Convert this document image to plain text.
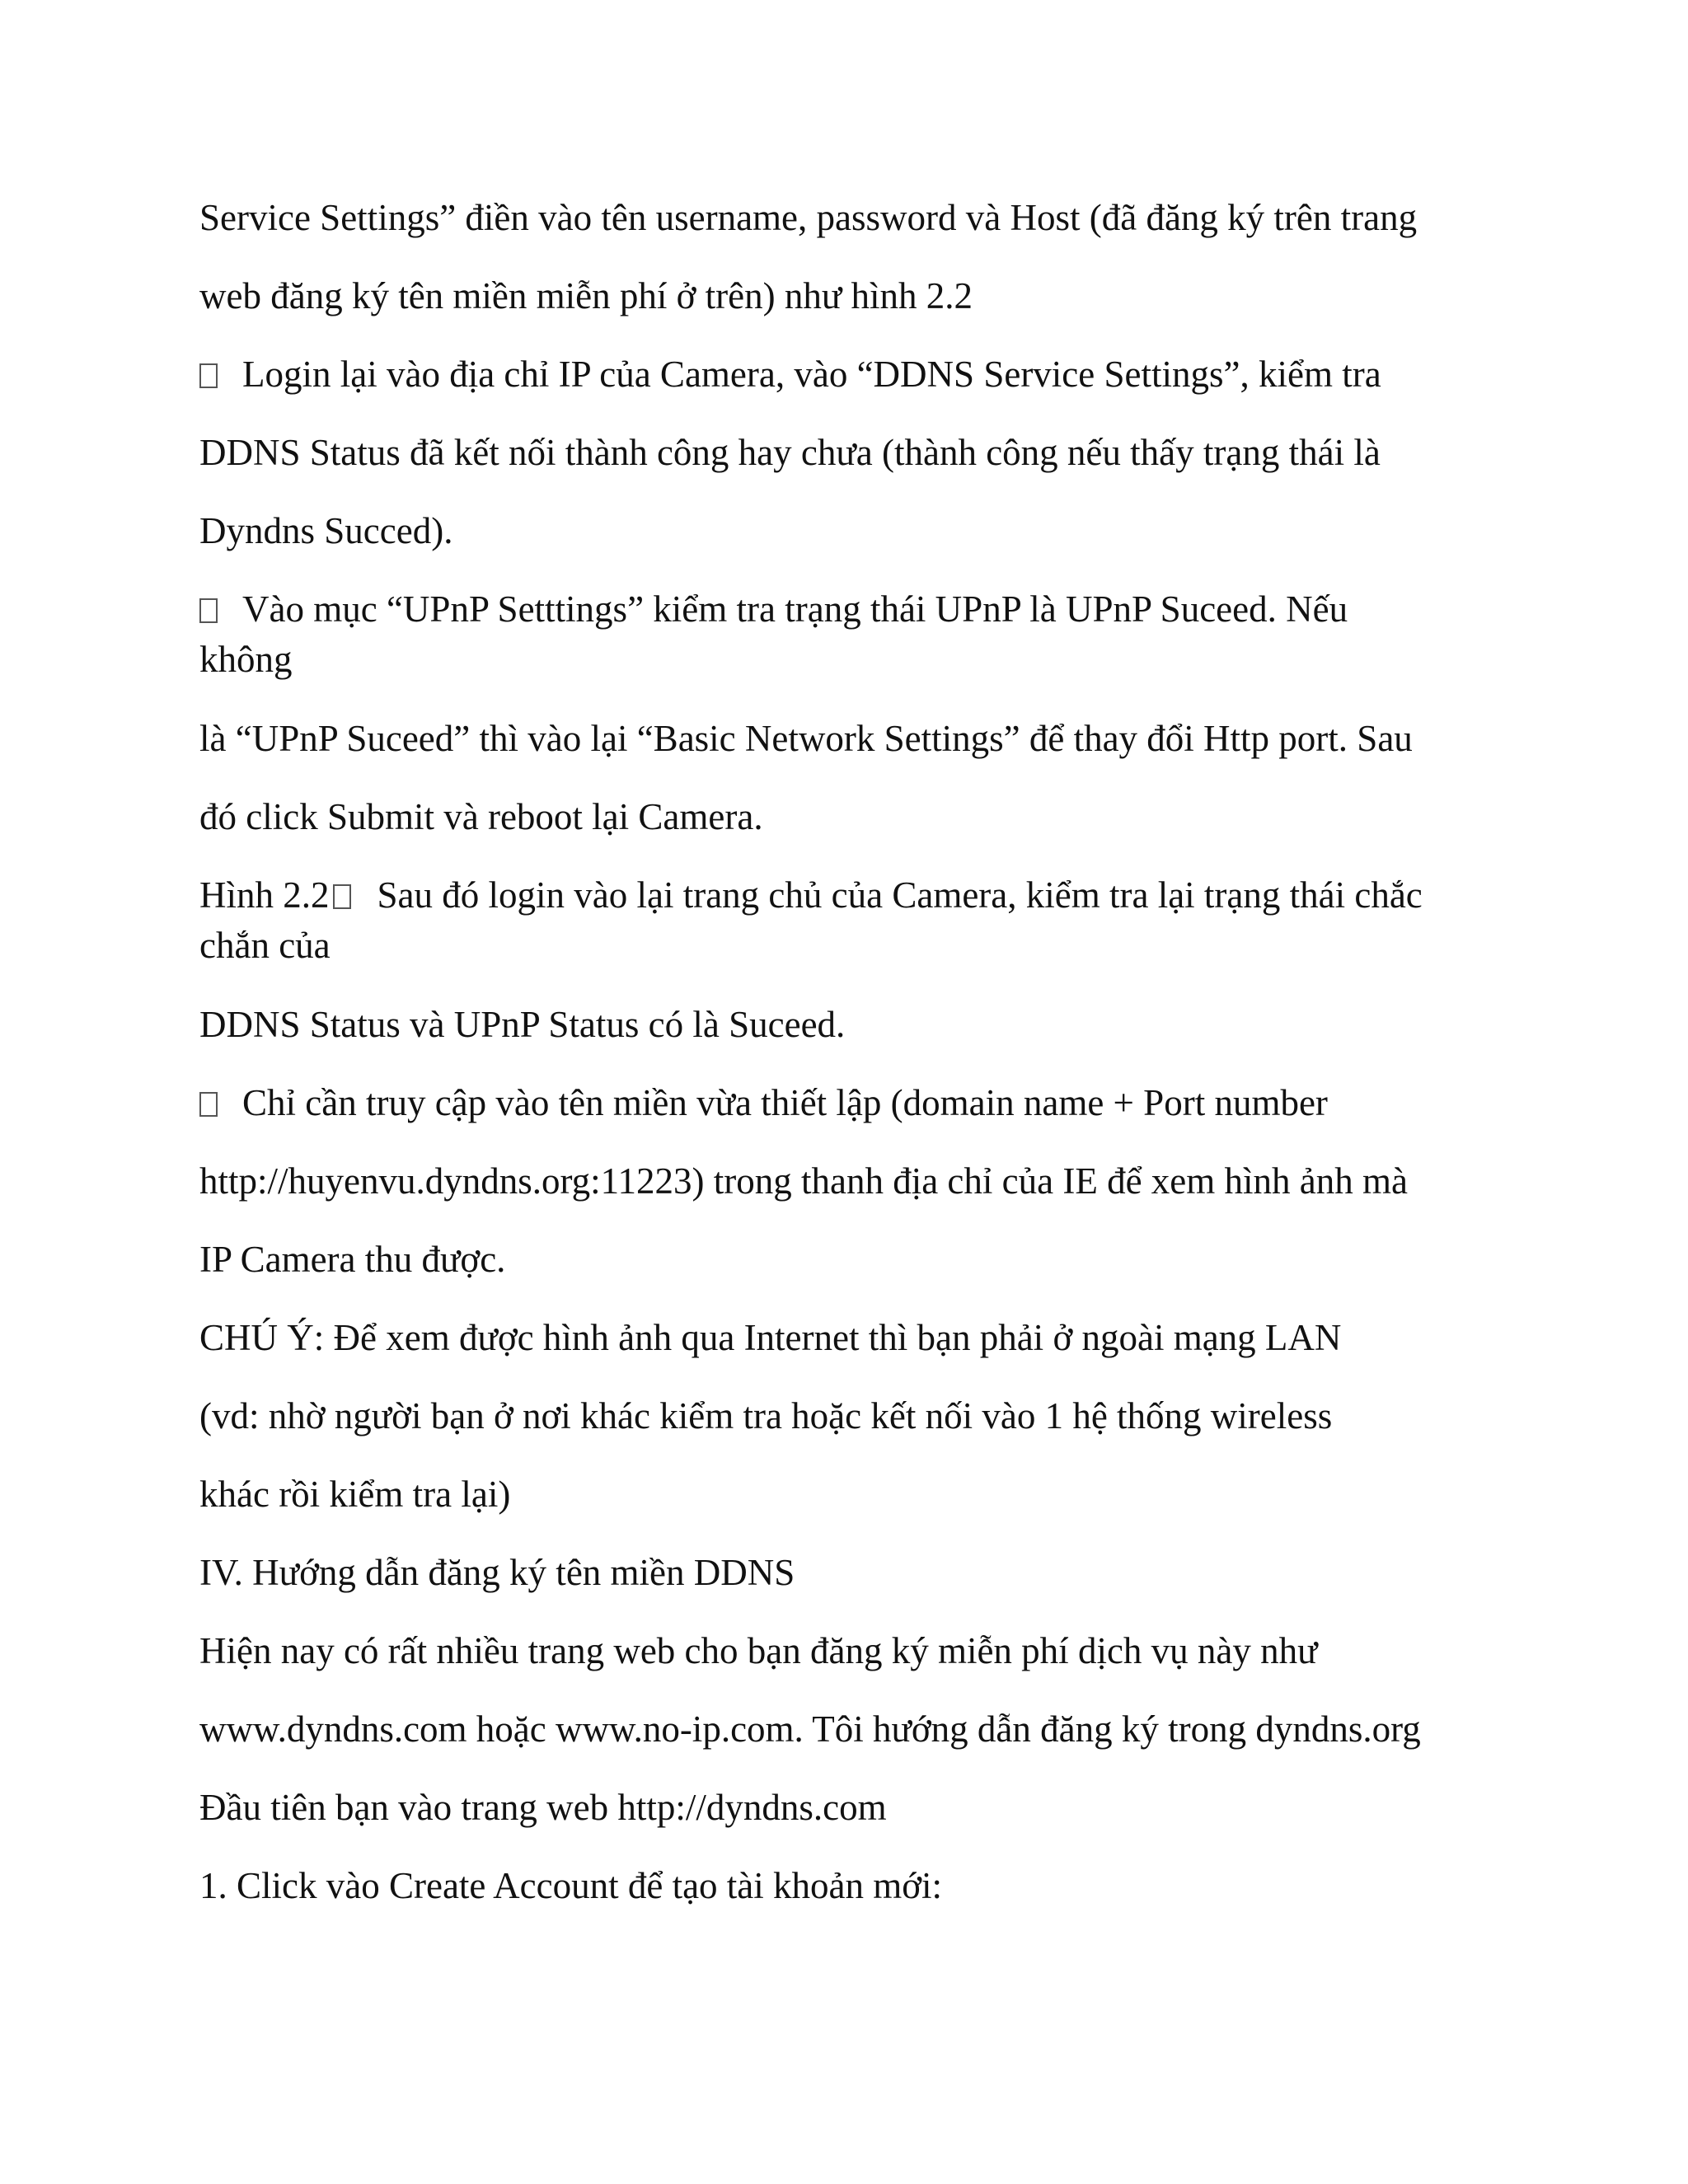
Service Settings” điền vào tên username, password và Host (đã đăng ký trên trang
web đăng ký tên miền miễn phí ở trên) như hình 2.2
Login lại vào địa chỉ IP của Camera, vào “DDNS Service Settings”, kiểm tra
DDNS Status đã kết nối thành công hay chưa (thành công nếu thấy trạng thái là
Dyndns Succed).
Vào mục “UPnP Setttings” kiểm tra trạng thái UPnP là UPnP Suceed. Nếu
không
là “UPnP Suceed” thì vào lại “Basic Network Settings” để thay đổi Http port. Sau
đó click Submit và reboot lại Camera.
Hình 2.2 Sau đó login vào lại trang chủ của Camera, kiểm tra lại trạng thái chắc
chắn của
DDNS Status và UPnP Status có là Suceed.
Chỉ cần truy cập vào tên miền vừa thiết lập (domain name + Port number
http://huyenvu.dyndns.org:11223) trong thanh địa chỉ của IE để xem hình ảnh mà
IP Camera thu được.
CHÚ Ý: Để xem được hình ảnh qua Internet thì bạn phải ở ngoài mạng LAN
(vd: nhờ người bạn ở nơi khác kiểm tra hoặc kết nối vào 1 hệ thống wireless
khác rồi kiểm tra lại)
IV. Hướng dẫn đăng ký tên miền DDNS
Hiện nay có rất nhiều trang web cho bạn đăng ký miễn phí dịch vụ này như
www.dyndns.com hoặc www.no-ip.com. Tôi hướng dẫn đăng ký trong dyndns.org
Đầu tiên bạn vào trang web http://dyndns.com
1. Click vào Create Account để tạo tài khoản mới:
